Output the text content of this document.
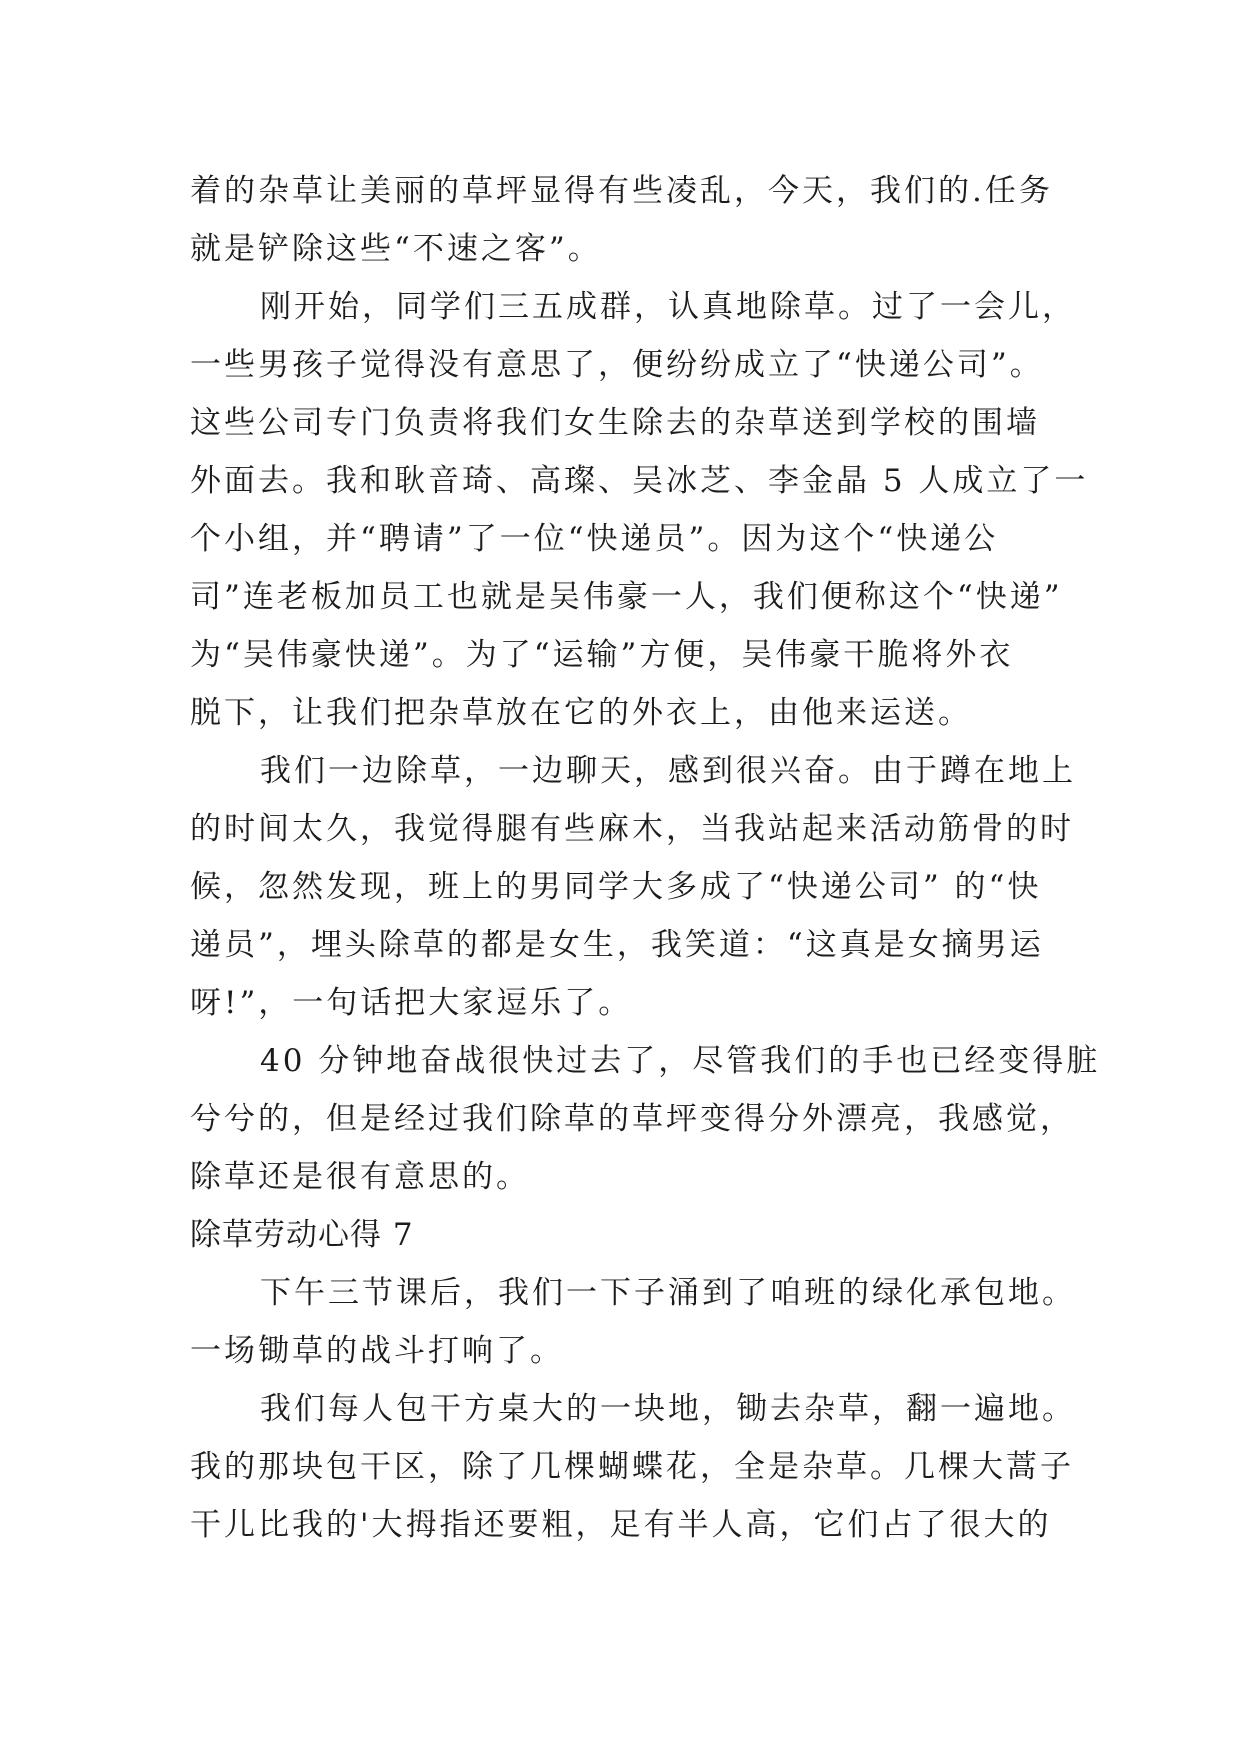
着的杂草让美丽的草坪显得有些凌乱，今天，我们的.任务

就是铲除这些“不速之客”。

刚开始，同学们三五成群，认真地除草。过了一会儿，

一些男孩子觉得没有意思了，便纷纷成立了“快递公司”。

这些公司专门负责将我们女生除去的杂草送到学校的围墙

外面去。我和耿音琦、高璨、吴冰芝、李金晶 5 人成立了一

个小组，并“聘请”了一位“快递员”。因为这个“快递公

司”连老板加员工也就是吴伟豪一人，我们便称这个“快递”

为“吴伟豪快递”。为了“运输”方便，吴伟豪干脆将外衣

脱下，让我们把杂草放在它的外衣上，由他来运送。

我们一边除草，一边聊天，感到很兴奋。由于蹲在地上

的时间太久，我觉得腿有些麻木，当我站起来活动筋骨的时

候，忽然发现，班上的男同学大多成了“快递公司” 的“快

递员”，埋头除草的都是女生，我笑道：“这真是女摘男运

呀!”，一句话把大家逗乐了。

40 分钟地奋战很快过去了，尽管我们的手也已经变得脏

兮兮的，但是经过我们除草的草坪变得分外漂亮，我感觉，

除草还是很有意思的。

除草劳动心得 7

下午三节课后，我们一下子涌到了咱班的绿化承包地。

一场锄草的战斗打响了。

我们每人包干方桌大的一块地，锄去杂草，翻一遍地。

我的那块包干区，除了几棵蝴蝶花，全是杂草。几棵大蒿子

干儿比我的'大拇指还要粗，足有半人高，它们占了很大的
